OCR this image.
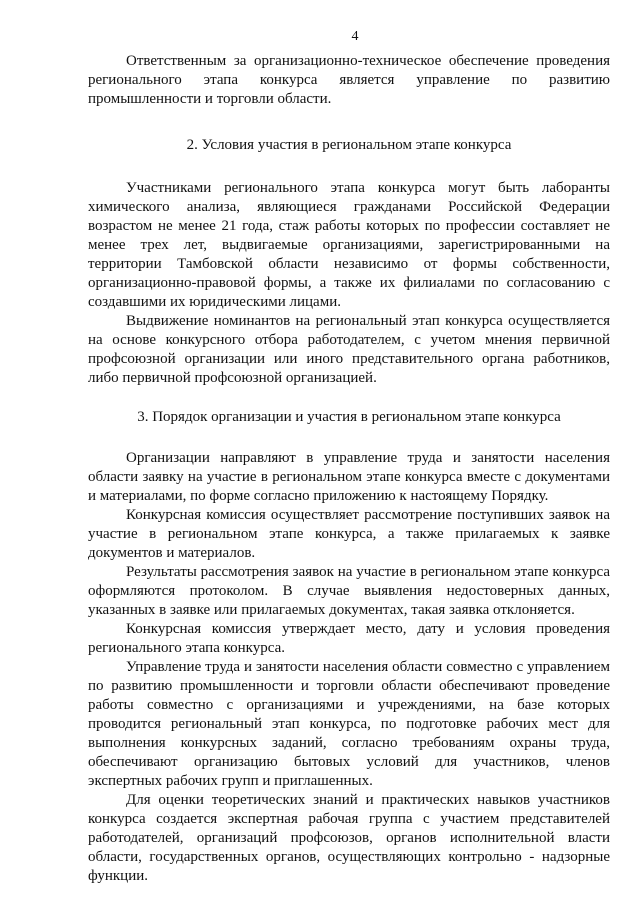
4

Ответственным за организационно-техническое обеспечение проведения регионального этапа конкурса является управление по развитию промышленности и торговли области.

2. Условия участия в региональном этапе конкурса

Участниками регионального этапа конкурса могут быть лаборанты химического анализа, являющиеся гражданами Российской Федерации возрастом не менее 21 года, стаж работы которых по профессии составляет не менее трех лет, выдвигаемые организациями, зарегистрированными на территории Тамбовской области независимо от формы собственности, организационно-правовой формы, а также их филиалами по согласованию с создавшими их юридическими лицами.

Выдвижение номинантов на региональный этап конкурса осуществляется на основе конкурсного отбора работодателем, с учетом мнения первичной профсоюзной организации или иного представительного органа работников, либо первичной профсоюзной организацией.

3. Порядок организации и участия в региональном этапе конкурса

Организации направляют в управление труда и занятости населения области заявку на участие в региональном этапе конкурса вместе с документами и материалами, по форме согласно приложению к настоящему Порядку.

Конкурсная комиссия осуществляет рассмотрение поступивших заявок на участие в региональном этапе конкурса, а также прилагаемых к заявке документов и материалов.

Результаты рассмотрения заявок на участие в региональном этапе конкурса оформляются протоколом. В случае выявления недостоверных данных, указанных в заявке или прилагаемых документах, такая заявка отклоняется.

Конкурсная комиссия утверждает место, дату и условия проведения регионального этапа конкурса.

Управление труда и занятости населения области совместно с управлением по развитию промышленности и торговли области обеспечивают проведение работы совместно с организациями и учреждениями, на базе которых проводится региональный этап конкурса, по подготовке рабочих мест для выполнения конкурсных заданий, согласно требованиям охраны труда, обеспечивают организацию бытовых условий для участников, членов экспертных рабочих групп и приглашенных.

Для оценки теоретических знаний и практических навыков участников конкурса создается экспертная рабочая группа с участием представителей работодателей, организаций профсоюзов, органов исполнительной власти области, государственных органов, осуществляющих контрольно - надзорные функции.
